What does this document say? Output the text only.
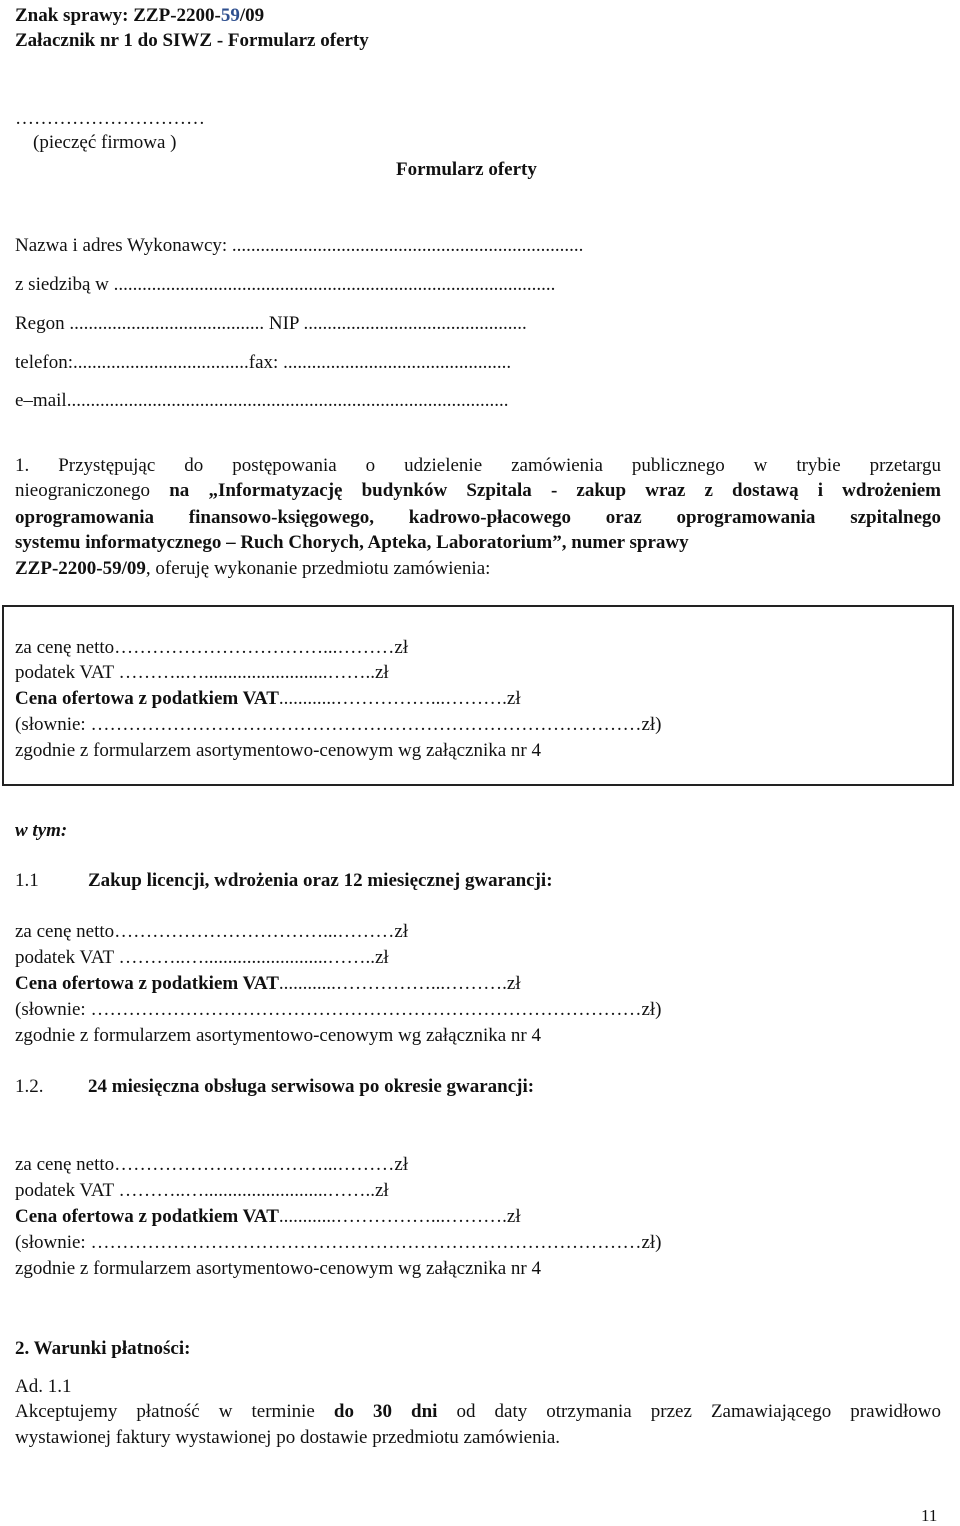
Znak sprawy: ZZP-2200-59/09
Załacznik nr 1 do SIWZ - Formularz oferty
…………………………
(pieczęć firmowa )
Formularz oferty
Nazwa i adres Wykonawcy: ..........................................................................
z siedzibą w .............................................................................................
Regon ......................................... NIP ...............................................
telefon:.....................................fax: ................................................
e–mail.............................................................................................
1. Przystępując do postępowania o udzielenie zamówienia publicznego w trybie przetargu
nieograniczonego na „Informatyzację budynków Szpitala - zakup wraz z dostawą i wdrożeniem
oprogramowania finansowo-księgowego, kadrowo-płacowego oraz oprogramowania szpitalnego
systemu informatycznego – Ruch Chorych, Apteka, Laboratorium”, numer sprawy
ZZP-2200-59/09, oferuję wykonanie przedmiotu zamówienia:
za cenę netto……………………………...………zł
podatek VAT ………..…..........................……..zł
Cena ofertowa z podatkiem VAT............……………...……….zł
(słownie: ……………………………………………………………………………zł)
zgodnie z formularzem asortymentowo-cenowym wg załącznika nr 4
w tym:
1.1	Zakup licencji, wdrożenia oraz 12 miesięcznej gwarancji:
za cenę netto……………………………...………zł
podatek VAT ………..…..........................……..zł
Cena ofertowa z podatkiem VAT............……………...……….zł
(słownie: ……………………………………………………………………………zł)
zgodnie z formularzem asortymentowo-cenowym wg załącznika nr 4
1.2. 24 miesięczna obsługa serwisowa po okresie gwarancji:
za cenę netto……………………………...………zł
podatek VAT ………..…..........................……..zł
Cena ofertowa z podatkiem VAT............……………...……….zł
(słownie: ……………………………………………………………………………zł)
zgodnie z formularzem asortymentowo-cenowym wg załącznika nr 4
2. Warunki płatności:
Ad. 1.1
Akceptujemy płatność w terminie do 30 dni od daty otrzymania przez Zamawiającego prawidłowo
wystawionej faktury wystawionej po dostawie przedmiotu zamówienia.
11
